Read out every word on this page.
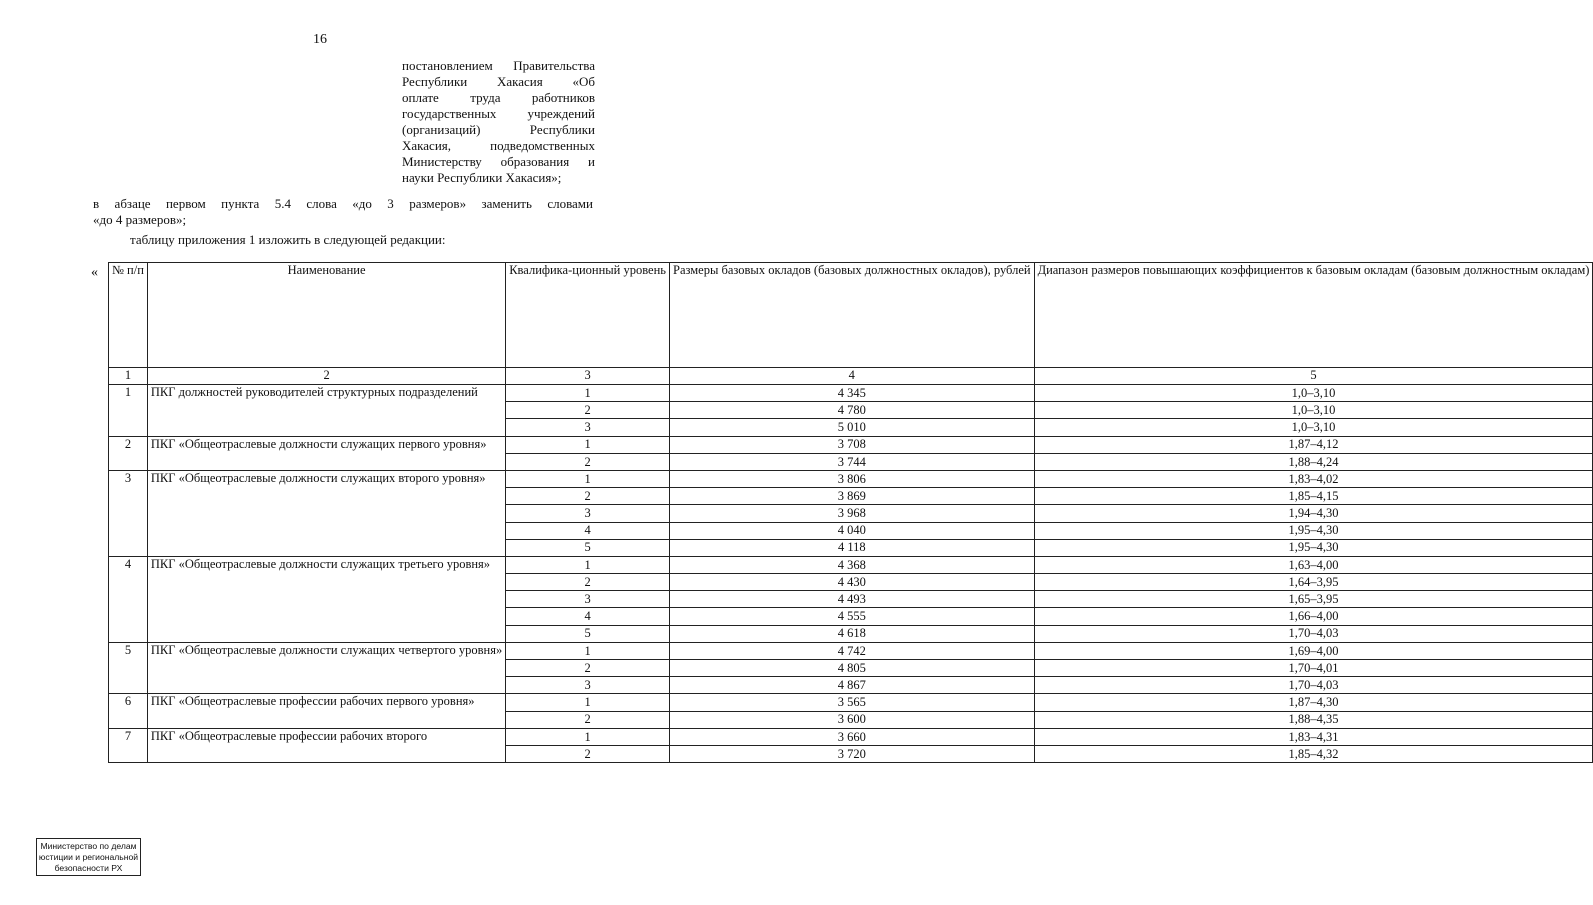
16
постановлением Правительства
Республики Хакасия «Об
оплате труда работников
государственных учреждений
(организаций) Республики
Хакасия, подведомственных
Министерству образования и
науки Республики Хакасия»;
в абзаце первом пункта 5.4 слова «до 3 размеров» заменить словами
«до 4 размеров»;
таблицу приложения 1 изложить в следующей редакции:
« № п/п	Наименование	Квалифика-ционный уровень	Размеры базовых окладов (базовых должностных окладов), рублей	Диапазон размеров повышающих коэффициентов к базовым окладам (базовым должностным окладам)
1	2	3	4	5
1	ПКГ должностей руководителей структурных подразделений	1	4 345	1,0–3,10
		2	4 780	1,0–3,10
		3	5 010	1,0–3,10
2	ПКГ «Общеотраслевые должности служащих первого уровня»	1	3 708	1,87–4,12
		2	3 744	1,88–4,24
3	ПКГ «Общеотраслевые должности служащих второго уровня»	1	3 806	1,83–4,02
		2	3 869	1,85–4,15
		3	3 968	1,94–4,30
		4	4 040	1,95–4,30
		5	4 118	1,95–4,30
4	ПКГ «Общеотраслевые должности служащих третьего уровня»	1	4 368	1,63–4,00
		2	4 430	1,64–3,95
		3	4 493	1,65–3,95
		4	4 555	1,66–4,00
		5	4 618	1,70–4,03
5	ПКГ «Общеотраслевые должности служащих четвертого уровня»	1	4 742	1,69–4,00
		2	4 805	1,70–4,01
		3	4 867	1,70–4,03
6	ПКГ «Общеотраслевые профессии рабочих первого уровня»	1	3 565	1,87–4,30
		2	3 600	1,88–4,35
7	ПКГ «Общеотраслевые профессии рабочих второго	1	3 660	1,83–4,31
		2	3 720	1,85–4,32
Министерство по делам юстиции и региональной безопасности РХ
